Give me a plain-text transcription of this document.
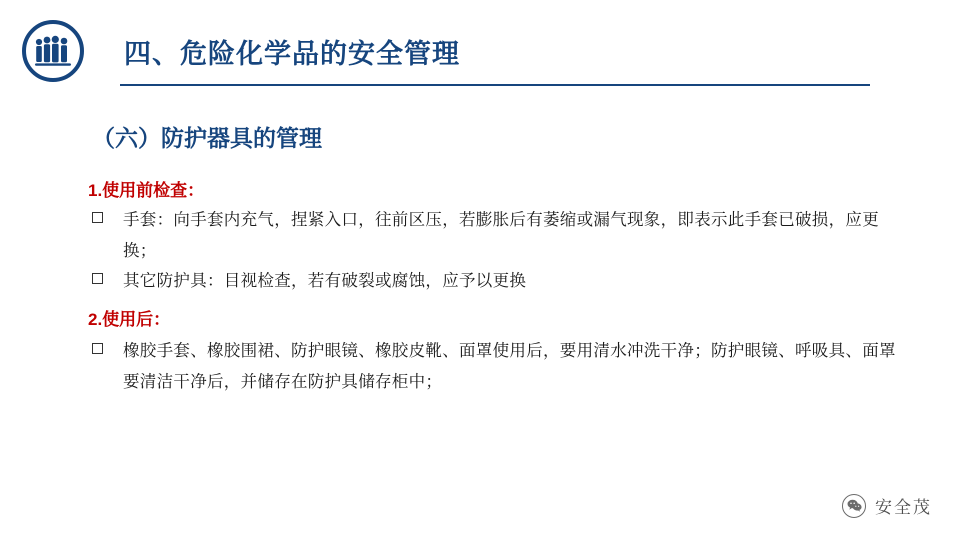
四、危险化学品的安全管理
（六）防护器具的管理
1.使用前检查：
手套：向手套内充气，捏紧入口，往前区压，若膨胀后有萎缩或漏气现象，即表示此手套已破损，应更换；
其它防护具：目视检查，若有破裂或腐蚀，应予以更换
2.使用后：
橡胶手套、橡胶围裙、防护眼镜、橡胶皮靴、面罩使用后，要用清水冲洗干净；防护眼镜、呼吸具、面罩要清洁干净后，并储存在防护具储存柜中；
安全茂
